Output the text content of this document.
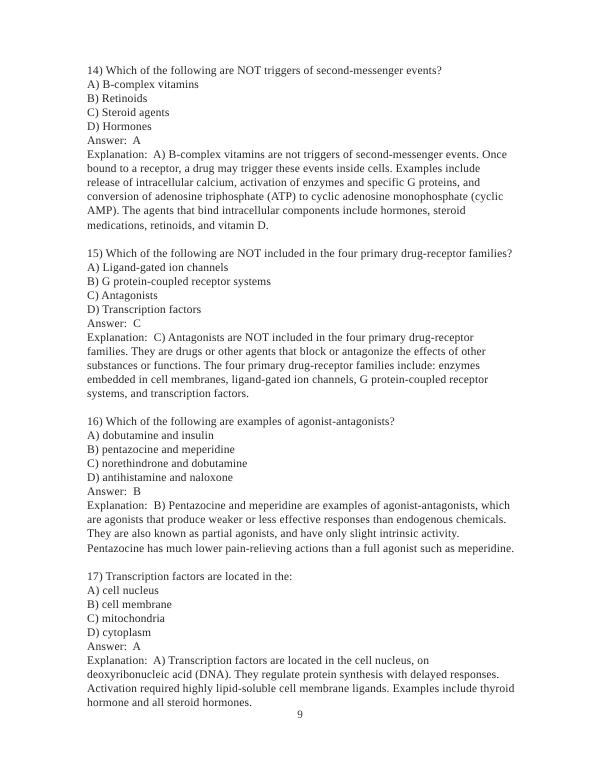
14) Which of the following are NOT triggers of second-messenger events?
A) B-complex vitamins
B) Retinoids
C) Steroid agents
D) Hormones
Answer:  A
Explanation:  A) B-complex vitamins are not triggers of second-messenger events. Once
bound to a receptor, a drug may trigger these events inside cells. Examples include
release of intracellular calcium, activation of enzymes and specific G proteins, and
conversion of adenosine triphosphate (ATP) to cyclic adenosine monophosphate (cyclic
AMP). The agents that bind intracellular components include hormones, steroid
medications, retinoids, and vitamin D.
15) Which of the following are NOT included in the four primary drug-receptor families?
A) Ligand-gated ion channels
B) G protein-coupled receptor systems
C) Antagonists
D) Transcription factors
Answer:  C
Explanation:  C) Antagonists are NOT included in the four primary drug-receptor
families. They are drugs or other agents that block or antagonize the effects of other
substances or functions. The four primary drug-receptor families include: enzymes
embedded in cell membranes, ligand-gated ion channels, G protein-coupled receptor
systems, and transcription factors.
16) Which of the following are examples of agonist-antagonists?
A) dobutamine and insulin
B) pentazocine and meperidine
C) norethindrone and dobutamine
D) antihistamine and naloxone
Answer:  B
Explanation:  B) Pentazocine and meperidine are examples of agonist-antagonists, which
are agonists that produce weaker or less effective responses than endogenous chemicals.
They are also known as partial agonists, and have only slight intrinsic activity.
Pentazocine has much lower pain-relieving actions than a full agonist such as meperidine.
17) Transcription factors are located in the:
A) cell nucleus
B) cell membrane
C) mitochondria
D) cytoplasm
Answer:  A
Explanation:  A) Transcription factors are located in the cell nucleus, on
deoxyribonucleic acid (DNA). They regulate protein synthesis with delayed responses.
Activation required highly lipid-soluble cell membrane ligands. Examples include thyroid
hormone and all steroid hormones.
9
